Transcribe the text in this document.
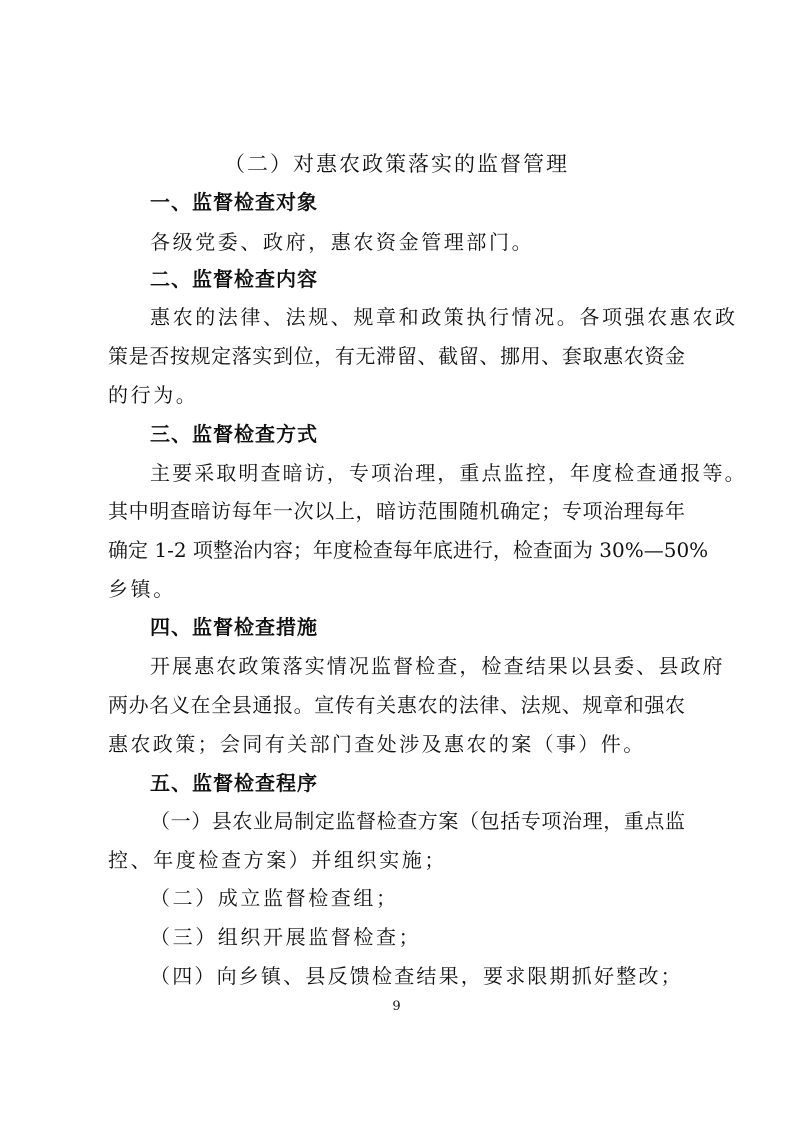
（二）对惠农政策落实的监督管理
一、监督检查对象
各级党委、政府，惠农资金管理部门。
二、监督检查内容
惠农的法律、法规、规章和政策执行情况。各项强农惠农政
策是否按规定落实到位，有无滞留、截留、挪用、套取惠农资金
的行为。
三、监督检查方式
主要采取明查暗访，专项治理，重点监控，年度检查通报等。
其中明查暗访每年一次以上，暗访范围随机确定；专项治理每年
确定 1-2 项整治内容；年度检查每年底进行，检查面为 30%—50%
乡镇。
四、监督检查措施
开展惠农政策落实情况监督检查，检查结果以县委、县政府
两办名义在全县通报。宣传有关惠农的法律、法规、规章和强农
惠农政策；会同有关部门查处涉及惠农的案（事）件。
五、监督检查程序
（一）县农业局制定监督检查方案（包括专项治理，重点监
控、年度检查方案）并组织实施；
（二）成立监督检查组；
（三）组织开展监督检查；
（四）向乡镇、县反馈检查结果，要求限期抓好整改；
9
